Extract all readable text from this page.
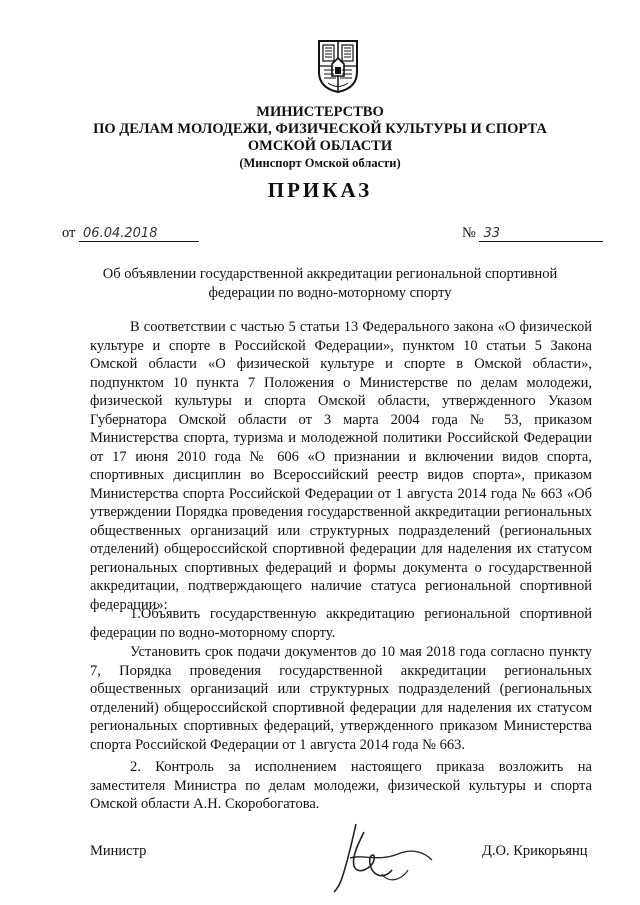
МИНИСТЕРСТВО
ПО ДЕЛАМ МОЛОДЕЖИ, ФИЗИЧЕСКОЙ КУЛЬТУРЫ И СПОРТА
ОМСКОЙ ОБЛАСТИ
(Минспорт Омской области)
ПРИКАЗ
от 06.04.2018	№ 33
Об объявлении государственной аккредитации региональной спортивной федерации по водно-моторному спорту

В соответствии с частью 5 статьи 13 Федерального закона «О физической культуре и спорте в Российской Федерации», пунктом 10 статьи 5 Закона Омской области «О физической культуре и спорте в Омской области», подпунктом 10 пункта 7 Положения о Министерстве по делам молодежи, физической культуры и спорта Омской области, утвержденного Указом Губернатора Омской области от 3 марта 2004 года № 53, приказом Министерства спорта, туризма и молодежной политики Российской Федерации от 17 июня 2010 года № 606 «О признании и включении видов спорта, спортивных дисциплин во Всероссийский реестр видов спорта», приказом Министерства спорта Российской Федерации от 1 августа 2014 года № 663 «Об утверждении Порядка проведения государственной аккредитации региональных общественных организаций или структурных подразделений (региональных отделений) общероссийской спортивной федерации для наделения их статусом региональных спортивных федераций и формы документа о государственной аккредитации, подтверждающего наличие статуса региональной спортивной федерации»:

1.Объявить государственную аккредитацию региональной спортивной федерации по водно-моторному спорту.

Установить срок подачи документов до 10 мая 2018 года согласно пункту 7, Порядка проведения государственной аккредитации региональных общественных организаций или структурных подразделений (региональных отделений) общероссийской спортивной федерации для наделения их статусом региональных спортивных федераций, утвержденного приказом Министерства спорта Российской Федерации от 1 августа 2014 года № 663.

2. Контроль за исполнением настоящего приказа возложить на заместителя Министра по делам молодежи, физической культуры и спорта Омской области А.Н. Скоробогатова.

Министр	Д.О. Крикорьянц
